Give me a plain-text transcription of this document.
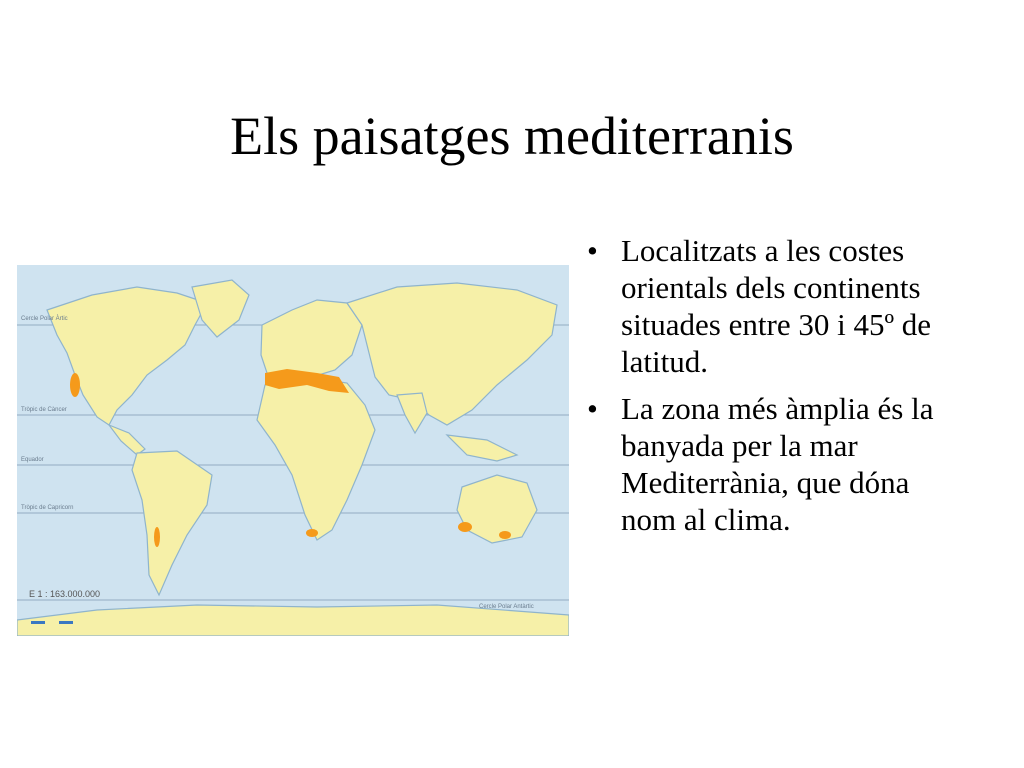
Els paisatges mediterranis
Cercle Polar Àrtic
Tròpic de Càncer
Equador
Tròpic de Capricorn
Cercle Polar Antàrtic
E 1 : 163.000.000
• Localitzats a les costes orientals dels continents situades entre 30 i 45º de latitud.
• La zona més àmplia és la banyada per la mar Mediterrània, que dóna nom al clima.
